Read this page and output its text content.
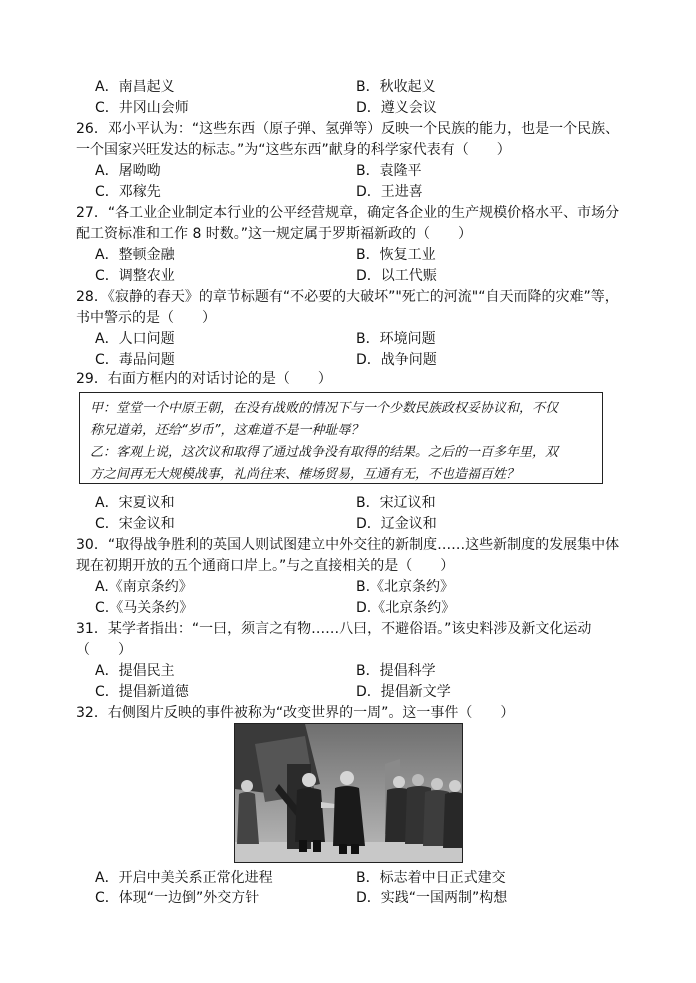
A．南昌起义	B．秋收起义
C．井冈山会师	D．遵义会议
26．邓小平认为：“这些东西（原子弹、氢弹等）反映一个民族的能力，也是一个民族、
一个国家兴旺发达的标志。”为“这些东西”献身的科学家代表有（　　）
A．屠呦呦	B．袁隆平
C．邓稼先	D．王进喜
27．“各工业企业制定本行业的公平经营规章，确定各企业的生产规模价格水平、市场分
配工资标准和工作 8 时数。”这一规定属于罗斯福新政的（　　）
A．整顿金融	B．恢复工业
C．调整农业	D．以工代赈
28．《寂静的春天》的章节标题有“不必要的大破坏”"死亡的河流"“自天而降的灾难”等，
书中警示的是（　　）
A．人口问题	B．环境问题
C．毒品问题	D．战争问题
29．右面方框内的对话讨论的是（　　）
甲：堂堂一个中原王朝，在没有战败的情况下与一个少数民族政权妥协议和，不仅
称兄道弟，还给“岁币”，这难道不是一种耻辱？
乙：客观上说，这次议和取得了通过战争没有取得的结果。之后的一百多年里，双
方之间再无大规模战事，礼尚往来、榷场贸易，互通有无，不也造福百姓？
A．宋夏议和	B．宋辽议和
C．宋金议和	D．辽金议和
30．“取得战争胜利的英国人则试图建立中外交往的新制度……这些新制度的发展集中体
现在初期开放的五个通商口岸上。”与之直接相关的是（　　）
A.《南京条约》	B.《北京条约》
C.《马关条约》	D.《北京条约》
31．某学者指出：“一曰，须言之有物……八曰，不避俗语。”该史料涉及新文化运动
（　　）
A．提倡民主	B．提倡科学
C．提倡新道德	D．提倡新文学
32．右侧图片反映的事件被称为“改变世界的一周”。这一事件（　　）
A．开启中美关系正常化进程	B．标志着中日正式建交
C．体现“一边倒”外交方针	D．实践“一国两制”构想
